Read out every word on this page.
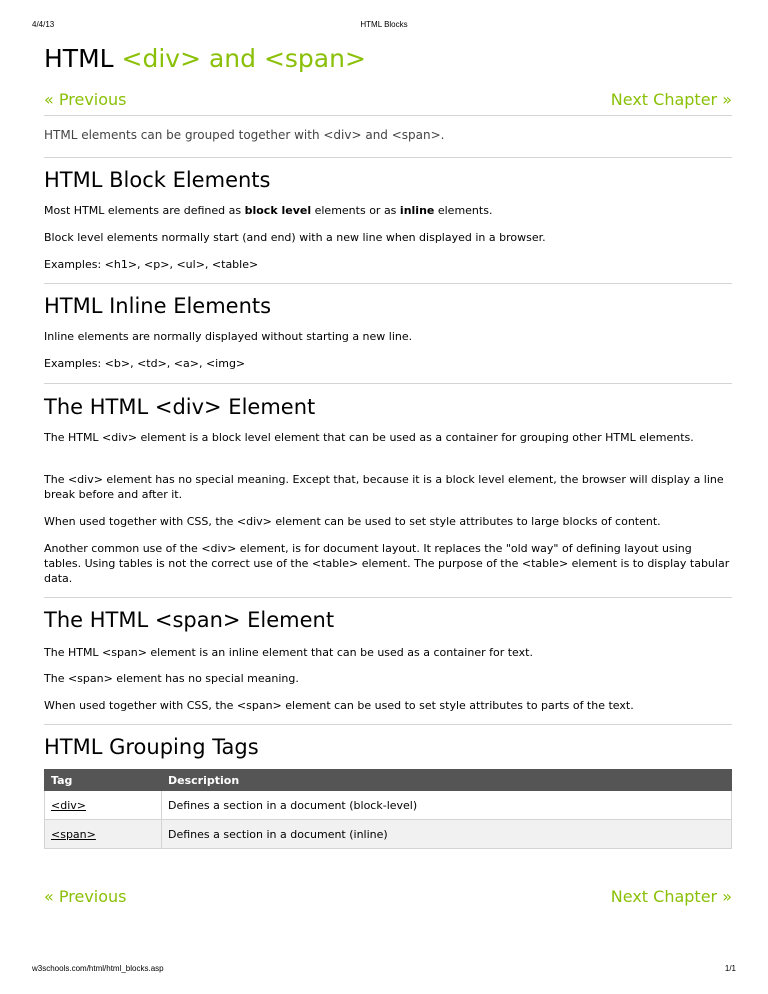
4/4/13	HTML Blocks
HTML <div> and <span>
« Previous	Next Chapter »
HTML elements can be grouped together with <div> and <span>.
HTML Block Elements

Most HTML elements are defined as block level elements or as inline elements.

Block level elements normally start (and end) with a new line when displayed in a browser.

Examples: <h1>, <p>, <ul>, <table>

HTML Inline Elements

Inline elements are normally displayed without starting a new line.

Examples: <b>, <td>, <a>, <img>

The HTML <div> Element

The HTML <div> element is a block level element that can be used as a container for grouping other HTML elements.

The <div> element has no special meaning. Except that, because it is a block level element, the browser will display a line break before and after it.

When used together with CSS, the <div> element can be used to set style attributes to large blocks of content.

Another common use of the <div> element, is for document layout. It replaces the "old way" of defining layout using tables. Using tables is not the correct use of the <table> element. The purpose of the <table> element is to display tabular data.

The HTML <span> Element

The HTML <span> element is an inline element that can be used as a container for text.

The <span> element has no special meaning.

When used together with CSS, the <span> element can be used to set style attributes to parts of the text.

HTML Grouping Tags
Tag	Description
<div>	Defines a section in a document (block-level)
<span>	Defines a section in a document (inline)
« Previous	Next Chapter »
w3schools.com/html/html_blocks.asp	1/1
